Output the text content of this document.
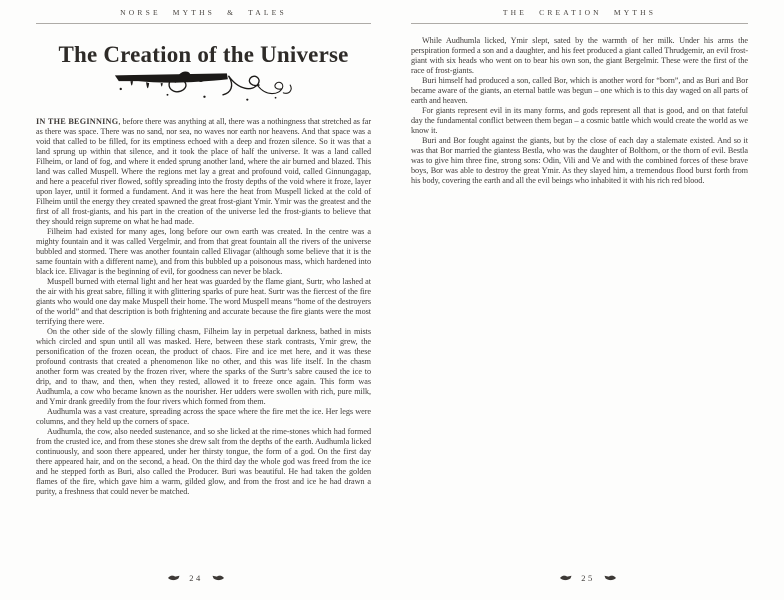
NORSE MYTHS & TALES
The Creation of the Universe

IN THE BEGINNING, before there was anything at all, there was a nothingness that stretched as far as there was space. There was no sand, nor sea, no waves nor earth nor heavens. And that space was a void that called to be filled, for its emptiness echoed with a deep and frozen silence. So it was that a land sprung up within that silence, and it took the place of half the universe. It was a land called Filheim, or land of fog, and where it ended sprung another land, where the air burned and blazed. This land was called Muspell. Where the regions met lay a great and profound void, called Ginnungagap, and here a peaceful river flowed, softly spreading into the frosty depths of the void where it froze, layer upon layer, until it formed a fundament. And it was here the heat from Muspell licked at the cold of Filheim until the energy they created spawned the great frost-giant Ymir. Ymir was the greatest and the first of all frost-giants, and his part in the creation of the universe led the frost-giants to believe that they should reign supreme on what he had made.

Filheim had existed for many ages, long before our own earth was created. In the centre was a mighty fountain and it was called Vergelmir, and from that great fountain all the rivers of the universe bubbled and stormed. There was another fountain called Elivagar (although some believe that it is the same fountain with a different name), and from this bubbled up a poisonous mass, which hardened into black ice. Elivagar is the beginning of evil, for goodness can never be black.

Muspell burned with eternal light and her heat was guarded by the flame giant, Surtr, who lashed at the air with his great sabre, filling it with glittering sparks of pure heat. Surtr was the fiercest of the fire giants who would one day make Muspell their home. The word Muspell means “home of the destroyers of the world” and that description is both frightening and accurate because the fire giants were the most terrifying there were.

On the other side of the slowly filling chasm, Filheim lay in perpetual darkness, bathed in mists which circled and spun until all was masked. Here, between these stark contrasts, Ymir grew, the personification of the frozen ocean, the product of chaos. Fire and ice met here, and it was these profound contrasts that created a phenomenon like no other, and this was life itself. In the chasm another form was created by the frozen river, where the sparks of the Surtr’s sabre caused the ice to drip, and to thaw, and then, when they rested, allowed it to freeze once again. This form was Audhumla, a cow who became known as the nourisher. Her udders were swollen with rich, pure milk, and Ymir drank greedily from the four rivers which formed from them.

Audhumla was a vast creature, spreading across the space where the fire met the ice. Her legs were columns, and they held up the corners of space.

Audhumla, the cow, also needed sustenance, and so she licked at the rime-stones which had formed from the crusted ice, and from these stones she drew salt from the depths of the earth. Audhumla licked continuously, and soon there appeared, under her thirsty tongue, the form of a god. On the first day there appeared hair, and on the second, a head. On the third day the whole god was freed from the ice and he stepped forth as Buri, also called the Producer. Buri was beautiful. He had taken the golden flames of the fire, which gave him a warm, gilded glow, and from the frost and ice he had drawn a purity, a freshness that could never be matched.

24
THE CREATION MYTHS

While Audhumla licked, Ymir slept, sated by the warmth of her milk. Under his arms the perspiration formed a son and a daughter, and his feet produced a giant called Thrudgemir, an evil frost-giant with six heads who went on to bear his own son, the giant Bergelmir. These were the first of the race of frost-giants.

Buri himself had produced a son, called Bor, which is another word for “born”, and as Buri and Bor became aware of the giants, an eternal battle was begun – one which is to this day waged on all parts of earth and heaven.

For giants represent evil in its many forms, and gods represent all that is good, and on that fateful day the fundamental conflict between them began – a cosmic battle which would create the world as we know it.

Buri and Bor fought against the giants, but by the close of each day a stalemate existed. And so it was that Bor married the giantess Bestla, who was the daughter of Bolthorn, or the thorn of evil. Bestla was to give him three fine, strong sons: Odin, Vili and Ve and with the combined forces of these brave boys, Bor was able to destroy the great Ymir. As they slayed him, a tremendous flood burst forth from his body, covering the earth and all the evil beings who inhabited it with his rich red blood.

25
